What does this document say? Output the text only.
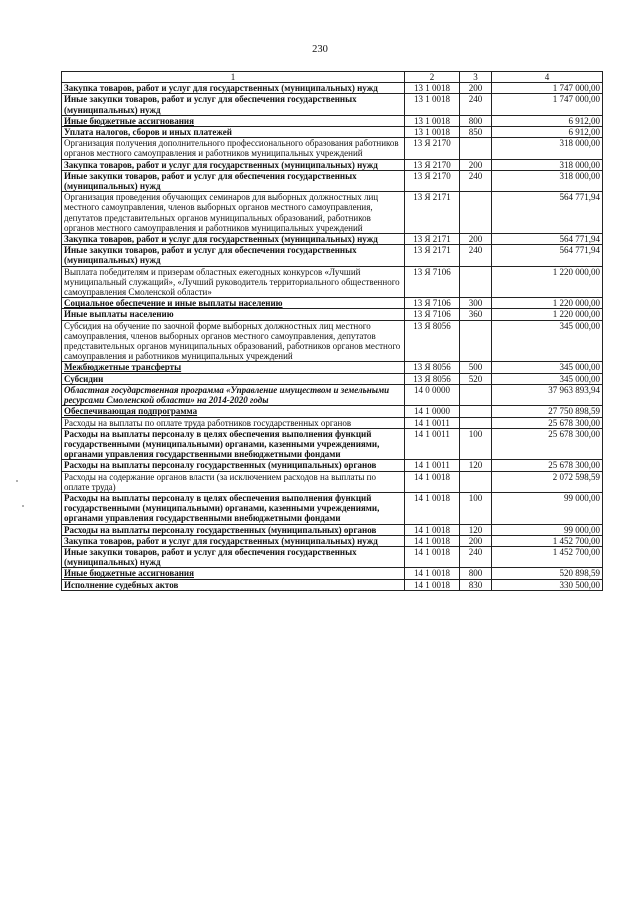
230
1	2	3	4
Закупка товаров, работ и услуг для государственных (муниципальных) нужд	13 1 0018	200	1 747 000,00
Иные закупки товаров, работ и услуг для обеспечения государственных (муниципальных) нужд	13 1 0018	240	1 747 000,00
Иные бюджетные ассигнования	13 1 0018	800	6 912,00
Уплата налогов, сборов и иных платежей	13 1 0018	850	6 912,00
Организация получения дополнительного профессионального образования работников органов местного самоуправления и работников муниципальных учреждений	13 Я 2170		318 000,00
Закупка товаров, работ и услуг для государственных (муниципальных) нужд	13 Я 2170	200	318 000,00
Иные закупки товаров, работ и услуг для обеспечения государственных (муниципальных) нужд	13 Я 2170	240	318 000,00
Организация проведения обучающих семинаров для выборных должностных лиц местного самоуправления, членов выборных органов местного самоуправления, депутатов представительных органов муниципальных образований, работников органов местного самоуправления и работников муниципальных учреждений	13 Я 2171		564 771,94
Закупка товаров, работ и услуг для государственных (муниципальных) нужд	13 Я 2171	200	564 771,94
Иные закупки товаров, работ и услуг для обеспечения государственных (муниципальных) нужд	13 Я 2171	240	564 771,94
Выплата победителям и призерам областных ежегодных конкурсов «Лучший муниципальный служащий», «Лучший руководитель территориального общественного самоуправления Смоленской области»	13 Я 7106		1 220 000,00
Социальное обеспечение и иные выплаты населению	13 Я 7106	300	1 220 000,00
Иные выплаты населению	13 Я 7106	360	1 220 000,00
Субсидия на обучение по заочной форме выборных должностных лиц местного самоуправления, членов выборных органов местного самоуправления, депутатов представительных органов муниципальных образований, работников органов местного самоуправления и работников муниципальных учреждений	13 Я 8056		345 000,00
Межбюджетные трансферты	13 Я 8056	500	345 000,00
Субсидии	13 Я 8056	520	345 000,00
Областная государственная программа «Управление имуществом и земельными ресурсами Смоленской области» на 2014-2020 годы	14 0 0000		37 963 893,94
Обеспечивающая подпрограмма	14 1 0000		27 750 898,59
Расходы на выплаты по оплате труда работников государственных органов	14 1 0011		25 678 300,00
Расходы на выплаты персоналу в целях обеспечения выполнения функций государственными (муниципальными) органами, казенными учреждениями, органами управления государственными внебюджетными фондами	14 1 0011	100	25 678 300,00
Расходы на выплаты персоналу государственных (муниципальных) органов	14 1 0011	120	25 678 300,00
Расходы на содержание органов власти (за исключением расходов на выплаты по оплате труда)	14 1 0018		2 072 598,59
Расходы на выплаты персоналу в целях обеспечения выполнения функций государственными (муниципальными) органами, казенными учреждениями, органами управления государственными внебюджетными фондами	14 1 0018	100	99 000,00
Расходы на выплаты персоналу государственных (муниципальных) органов	14 1 0018	120	99 000,00
Закупка товаров, работ и услуг для государственных (муниципальных) нужд	14 1 0018	200	1 452 700,00
Иные закупки товаров, работ и услуг для обеспечения государственных (муниципальных) нужд	14 1 0018	240	1 452 700,00
Иные бюджетные ассигнования	14 1 0018	800	520 898,59
Исполнение судебных актов	14 1 0018	830	330 500,00
